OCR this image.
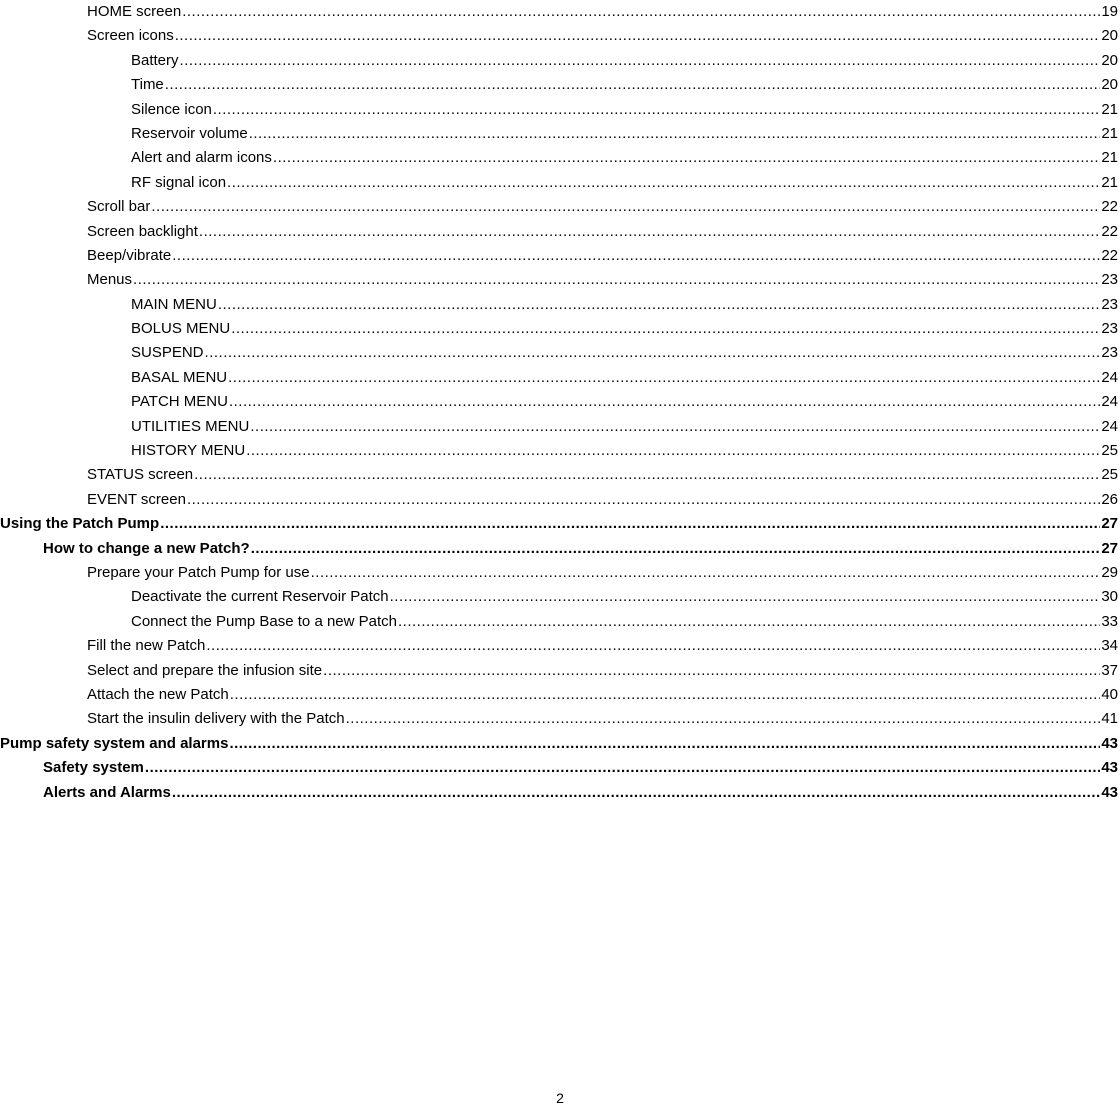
HOME screen .....	19
Screen icons .....	20
Battery .....	20
Time .....	20
Silence icon .....	21
Reservoir volume .....	21
Alert and alarm icons .....	21
RF signal icon .....	21
Scroll bar .....	22
Screen backlight .....	22
Beep/vibrate .....	22
Menus .....	23
MAIN MENU .....	23
BOLUS MENU .....	23
SUSPEND .....	23
BASAL MENU .....	24
PATCH MENU .....	24
UTILITIES MENU .....	24
HISTORY MENU .....	25
STATUS screen .....	25
EVENT screen .....	26
Using the Patch Pump .....	27
How to change a new Patch? .....	27
Prepare your Patch Pump for use .....	29
Deactivate the current Reservoir Patch .....	30
Connect the Pump Base to a new Patch .....	33
Fill the new Patch .....	34
Select and prepare the infusion site .....	37
Attach the new Patch .....	40
Start the insulin delivery with the Patch .....	41
Pump safety system and alarms .....	43
Safety system .....	43
Alerts and Alarms .....	43
2
